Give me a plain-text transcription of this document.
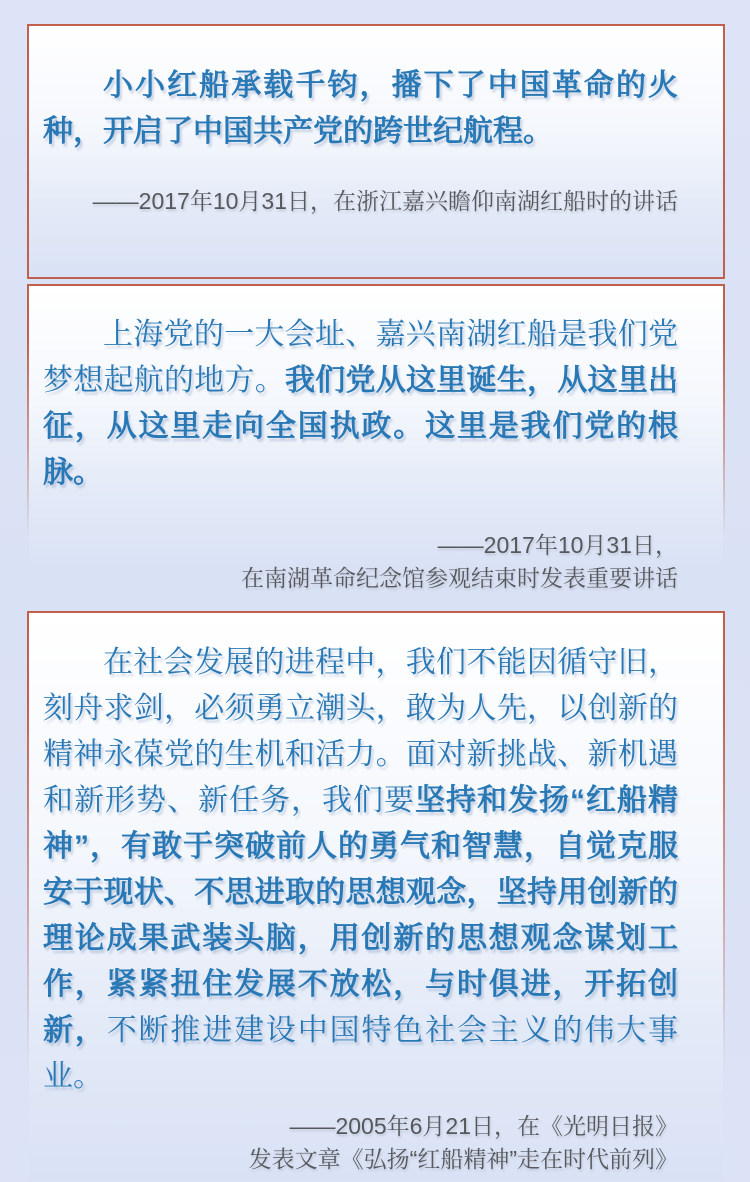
小小红船承载千钧，播下了中国革命的火种，开启了中国共产党的跨世纪航程。

——2017年10月31日，在浙江嘉兴瞻仰南湖红船时的讲话

上海党的一大会址、嘉兴南湖红船是我们党梦想起航的地方。我们党从这里诞生，从这里出征，从这里走向全国执政。这里是我们党的根脉。

——2017年10月31日，
在南湖革命纪念馆参观结束时发表重要讲话

在社会发展的进程中，我们不能因循守旧，刻舟求剑，必须勇立潮头，敢为人先，以创新的精神永葆党的生机和活力。面对新挑战、新机遇和新形势、新任务，我们要坚持和发扬“红船精神”，有敢于突破前人的勇气和智慧，自觉克服安于现状、不思进取的思想观念，坚持用创新的理论成果武装头脑，用创新的思想观念谋划工作，紧紧扭住发展不放松，与时俱进，开拓创新，不断推进建设中国特色社会主义的伟大事业。

——2005年6月21日，在《光明日报》
发表文章《弘扬“红船精神”走在时代前列》
